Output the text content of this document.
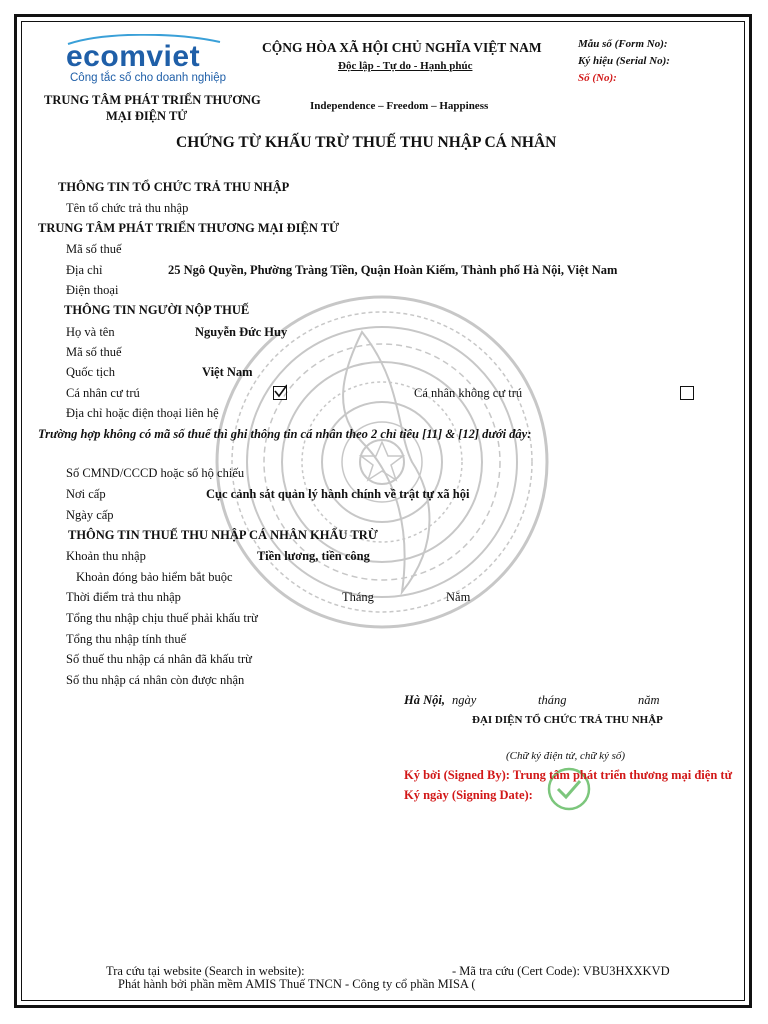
ecomviet
Công tắc số cho doanh nghiệp
TRUNG TÂM PHÁT TRIỂN THƯƠNG
MẠI ĐIỆN TỬ
CỘNG HÒA XÃ HỘI CHỦ NGHĨA VIỆT NAM
Độc lập - Tự do - Hạnh phúc
Independence – Freedom – Happiness
Mẫu số (Form No):
Ký hiệu (Serial No):
Số (No):
CHỨNG TỪ KHẤU TRỪ THUẾ THU NHẬP CÁ NHÂN
THÔNG TIN TỔ CHỨC TRẢ THU NHẬP
Tên tổ chức trả thu nhập
TRUNG TÂM PHÁT TRIỂN THƯƠNG MẠI ĐIỆN TỬ
Mã số thuế
Địa chỉ	25 Ngô Quyền, Phường Tràng Tiền, Quận Hoàn Kiếm, Thành phố Hà Nội, Việt Nam
Điện thoại
THÔNG TIN NGƯỜI NỘP THUẾ
Họ và tên	Nguyễn Đức Huy
Mã số thuế
Quốc tịch	Việt Nam
Cá nhân cư trú	Cá nhân không cư trú
Địa chỉ hoặc điện thoại liên hệ
Trường hợp không có mã số thuế thì ghi thông tin cá nhân theo 2 chỉ tiêu [11] & [12] dưới đây:
Số CMND/CCCD hoặc số hộ chiếu
Nơi cấp	Cục cảnh sát quản lý hành chính về trật tự xã hội
Ngày cấp
THÔNG TIN THUẾ THU NHẬP CÁ NHÂN KHẤU TRỪ
Khoản thu nhập	Tiền lương, tiền công
Khoản đóng bảo hiểm bắt buộc
Thời điểm trả thu nhập	Tháng	Năm
Tổng thu nhập chịu thuế phải khấu trừ
Tổng thu nhập tính thuế
Số thuế thu nhập cá nhân đã khấu trừ
Số thu nhập cá nhân còn được nhận
Hà Nội, ngày	tháng	năm
ĐẠI DIỆN TỔ CHỨC TRẢ THU NHẬP
(Chữ ký điện tử, chữ ký số)
Ký bởi (Signed By): Trung tâm phát triển thương mại điện tử
Ký ngày (Signing Date):
Tra cứu tại website (Search in website):	- Mã tra cứu (Cert Code): VBU3HXXKVD
Phát hành bởi phần mềm AMIS Thuế TNCN - Công ty cổ phần MISA (
